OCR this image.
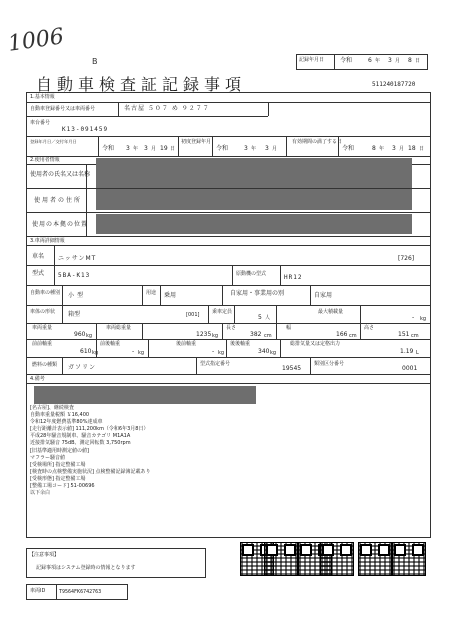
1006
B	記録年月日	令和	6 年 3 月 8 日
自動車検査証記録事項	511240187720
1.基本情報
自動車登録番号又は車両番号	名古屋 ５０７ め ９２７７
車台番号
K13-091459
登録年月日／交付年月日
令和 3 年 3 月 19 日
初度登録年月
令和	3 年 3 月
有効期間の満了する日
令和	8 年 3 月 18 日
2.使用者情報
使用者の氏名又は名称
使用者の住所
使用の本拠の位置
3.車両詳細情報
車名 ニッサンMT	[726]
型式 5BA-K13	原動機の型式	HR12
自動車の種別 小型	用途 乗用	自家用・事業用の別	自家用
車体の形状 箱型	[001]	乗車定員
5 人
最大積載量
- kg
車両重量
960 kg
車両総重量
1235 kg
長さ
382 cm
幅
166 cm
高さ
151 cm
前前軸重
610 kg
前後軸重
- kg
後前軸重
- kg
後後軸重
340 kg
総排気量又は定格出力
1.19 L
燃料の種類 ガソリン	型式指定番号
19545
類別区分番号
0001
4.備考
[名古屋]、継続検査
自動車重量税額 ￥16,400
令和12年度燃費基準80%達成車
[走行距離計表示値] 111,200km（令和6年3月8日）
平成28年騒音規制車、騒音カテゴリ M1A1A
近接排気騒音 75dB、測定回転数 3,750rpm
[旧基準適用時測定値の値]
マフラー騒音値
[受検場所] 指定整備工場
[検査時の点検整備実施状況] 点検整備記録簿記載あり
[受検形態] 指定整備工場
[整備工場コード] 51-00696
以下余白
【注意事項】
記録事項はシステム登録時の情報となります
車両ID	T9564FK6742763
